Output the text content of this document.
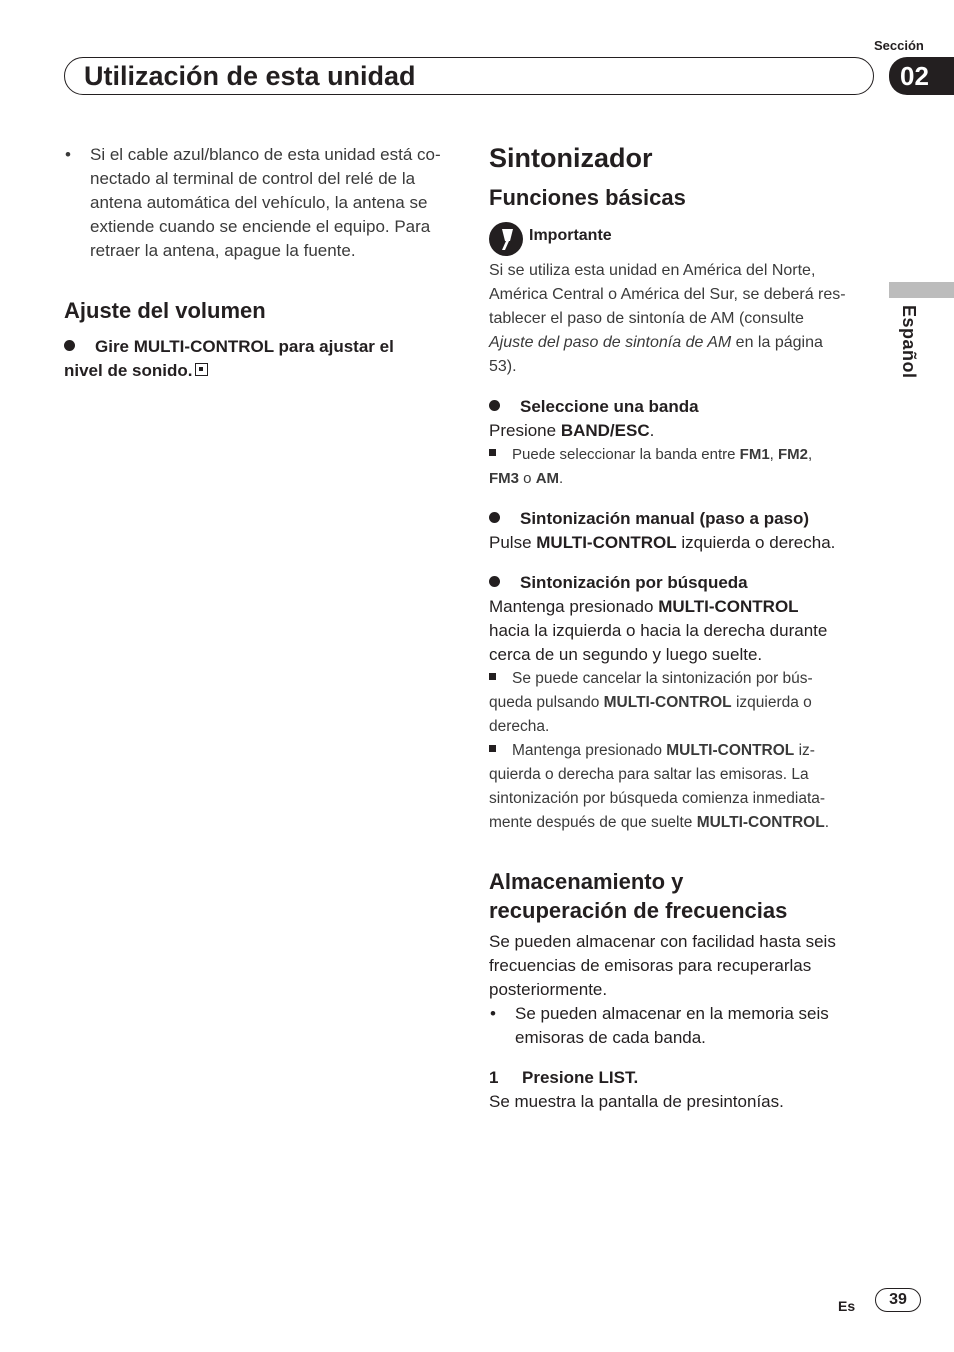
Sección
Utilización de esta unidad	02
Español
• Si el cable azul/blanco de esta unidad está co-
nectado al terminal de control del relé de la
antena automática del vehículo, la antena se
extiende cuando se enciende el equipo. Para
retraer la antena, apague la fuente.
Ajuste del volumen
Gire MULTI-CONTROL para ajustar el
nivel de sonido.
Sintonizador
Funciones básicas
Importante
Si se utiliza esta unidad en América del Norte,
América Central o América del Sur, se deberá res-
tablecer el paso de sintonía de AM (consulte
Ajuste del paso de sintonía de AM en la página
53).
Seleccione una banda
Presione BAND/ESC.
Puede seleccionar la banda entre FM1, FM2,
FM3 o AM.
Sintonización manual (paso a paso)
Pulse MULTI-CONTROL izquierda o derecha.
Sintonización por búsqueda
Mantenga presionado MULTI-CONTROL
hacia la izquierda o hacia la derecha durante
cerca de un segundo y luego suelte.
Se puede cancelar la sintonización por bús-
queda pulsando MULTI-CONTROL izquierda o
derecha.
Mantenga presionado MULTI-CONTROL iz-
quierda o derecha para saltar las emisoras. La
sintonización por búsqueda comienza inmediata-
mente después de que suelte MULTI-CONTROL.
Almacenamiento y
recuperación de frecuencias
Se pueden almacenar con facilidad hasta seis
frecuencias de emisoras para recuperarlas
posteriormente.
• Se pueden almacenar en la memoria seis
emisoras de cada banda.
1 Presione LIST.
Se muestra la pantalla de presintonías.
Es	39
